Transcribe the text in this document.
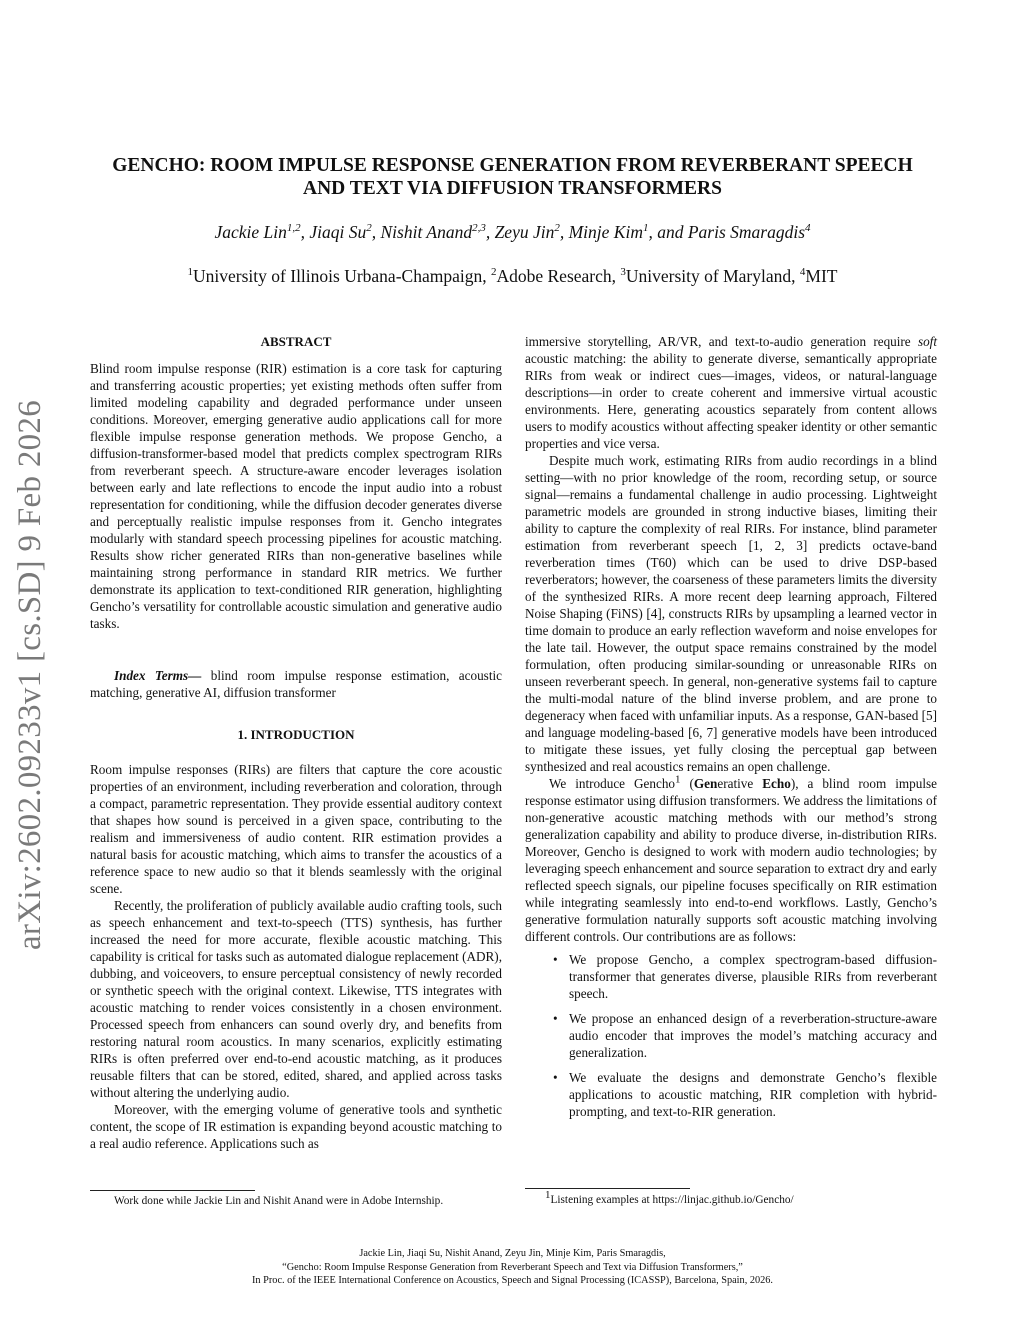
arXiv:2602.09233v1 [cs.SD] 9 Feb 2026
GENCHO: ROOM IMPULSE RESPONSE GENERATION FROM REVERBERANT SPEECH AND TEXT VIA DIFFUSION TRANSFORMERS
Jackie Lin$^{1,2}$, Jiaqi Su$^2$, Nishit Anand$^{2,3}$, Zeyu Jin$^2$, Minje Kim$^1$, and Paris Smaragdis$^4$
$^1$University of Illinois Urbana-Champaign, $^2$Adobe Research, $^3$University of Maryland, $^4$MIT
ABSTRACT

Blind room impulse response (RIR) estimation is a core task for capturing and transferring acoustic properties; yet existing methods often suffer from limited modeling capability and degraded performance under unseen conditions. Moreover, emerging generative audio applications call for more flexible impulse response generation methods. We propose Gencho, a diffusion-transformer-based model that predicts complex spectrogram RIRs from reverberant speech. A structure-aware encoder leverages isolation between early and late reflections to encode the input audio into a robust representation for conditioning, while the diffusion decoder generates diverse and perceptually realistic impulse responses from it. Gencho integrates modularly with standard speech processing pipelines for acoustic matching. Results show richer generated RIRs than non-generative baselines while maintaining strong performance in standard RIR metrics. We further demonstrate its application to text-conditioned RIR generation, highlighting Gencho’s versatility for controllable acoustic simulation and generative audio tasks.

Index Terms— blind room impulse response estimation, acoustic matching, generative AI, diffusion transformer

1. INTRODUCTION

Room impulse responses (RIRs) are filters that capture the core acoustic properties of an environment, including reverberation and coloration, through a compact, parametric representation. They provide essential auditory context that shapes how sound is perceived in a given space, contributing to the realism and immersiveness of audio content. RIR estimation provides a natural basis for acoustic matching, which aims to transfer the acoustics of a reference space to new audio so that it blends seamlessly with the original scene.

Recently, the proliferation of publicly available audio crafting tools, such as speech enhancement and text-to-speech (TTS) synthesis, has further increased the need for more accurate, flexible acoustic matching. This capability is critical for tasks such as automated dialogue replacement (ADR), dubbing, and voiceovers, to ensure perceptual consistency of newly recorded or synthetic speech with the original context. Likewise, TTS integrates with acoustic matching to render voices consistently in a chosen environment. Processed speech from enhancers can sound overly dry, and benefits from restoring natural room acoustics. In many scenarios, explicitly estimating RIRs is often preferred over end-to-end acoustic matching, as it produces reusable filters that can be stored, edited, shared, and applied across tasks without altering the underlying audio.

Moreover, with the emerging volume of generative tools and synthetic content, the scope of IR estimation is expanding beyond acoustic matching to a real audio reference. Applications such as

immersive storytelling, AR/VR, and text-to-audio generation require soft acoustic matching: the ability to generate diverse, semantically appropriate RIRs from weak or indirect cues—images, videos, or natural-language descriptions—in order to create coherent and immersive virtual acoustic environments. Here, generating acoustics separately from content allows users to modify acoustics without affecting speaker identity or other semantic properties and vice versa.

Despite much work, estimating RIRs from audio recordings in a blind setting—with no prior knowledge of the room, recording setup, or source signal—remains a fundamental challenge in audio processing. Lightweight parametric models are grounded in strong inductive biases, limiting their ability to capture the complexity of real RIRs. For instance, blind parameter estimation from reverberant speech [1, 2, 3] predicts octave-band reverberation times (T60) which can be used to drive DSP-based reverberators; however, the coarseness of these parameters limits the diversity of the synthesized RIRs. A more recent deep learning approach, Filtered Noise Shaping (FiNS) [4], constructs RIRs by upsampling a learned vector in time domain to produce an early reflection waveform and noise envelopes for the late tail. However, the output space remains constrained by the model formulation, often producing similar-sounding or unreasonable RIRs on unseen reverberant speech. In general, non-generative systems fail to capture the multi-modal nature of the blind inverse problem, and are prone to degeneracy when faced with unfamiliar inputs. As a response, GAN-based [5] and language modeling-based [6, 7] generative models have been introduced to mitigate these issues, yet fully closing the perceptual gap between synthesized and real acoustics remains an open challenge.

We introduce Gencho$^1$ (Generative Echo), a blind room impulse response estimator using diffusion transformers. We address the limitations of non-generative acoustic matching methods with our method’s strong generalization capability and ability to produce diverse, in-distribution RIRs. Moreover, Gencho is designed to work with modern audio technologies; by leveraging speech enhancement and source separation to extract dry and early reflected speech signals, our pipeline focuses specifically on RIR estimation while integrating seamlessly into end-to-end workflows. Lastly, Gencho’s generative formulation naturally supports soft acoustic matching involving different controls. Our contributions are as follows:

• We propose Gencho, a complex spectrogram-based diffusion-transformer that generates diverse, plausible RIRs from reverberant speech.
• We propose an enhanced design of a reverberation-structure-aware audio encoder that improves the model’s matching accuracy and generalization.
• We evaluate the designs and demonstrate Gencho’s flexible applications to acoustic matching, RIR completion with hybrid-prompting, and text-to-RIR generation.
Work done while Jackie Lin and Nishit Anand were in Adobe Internship.	$^1$Listening examples at https://linjac.github.io/Gencho/
Jackie Lin, Jiaqi Su, Nishit Anand, Zeyu Jin, Minje Kim, Paris Smaragdis,
“Gencho: Room Impulse Response Generation from Reverberant Speech and Text via Diffusion Transformers,”
In Proc. of the IEEE International Conference on Acoustics, Speech and Signal Processing (ICASSP), Barcelona, Spain, 2026.
